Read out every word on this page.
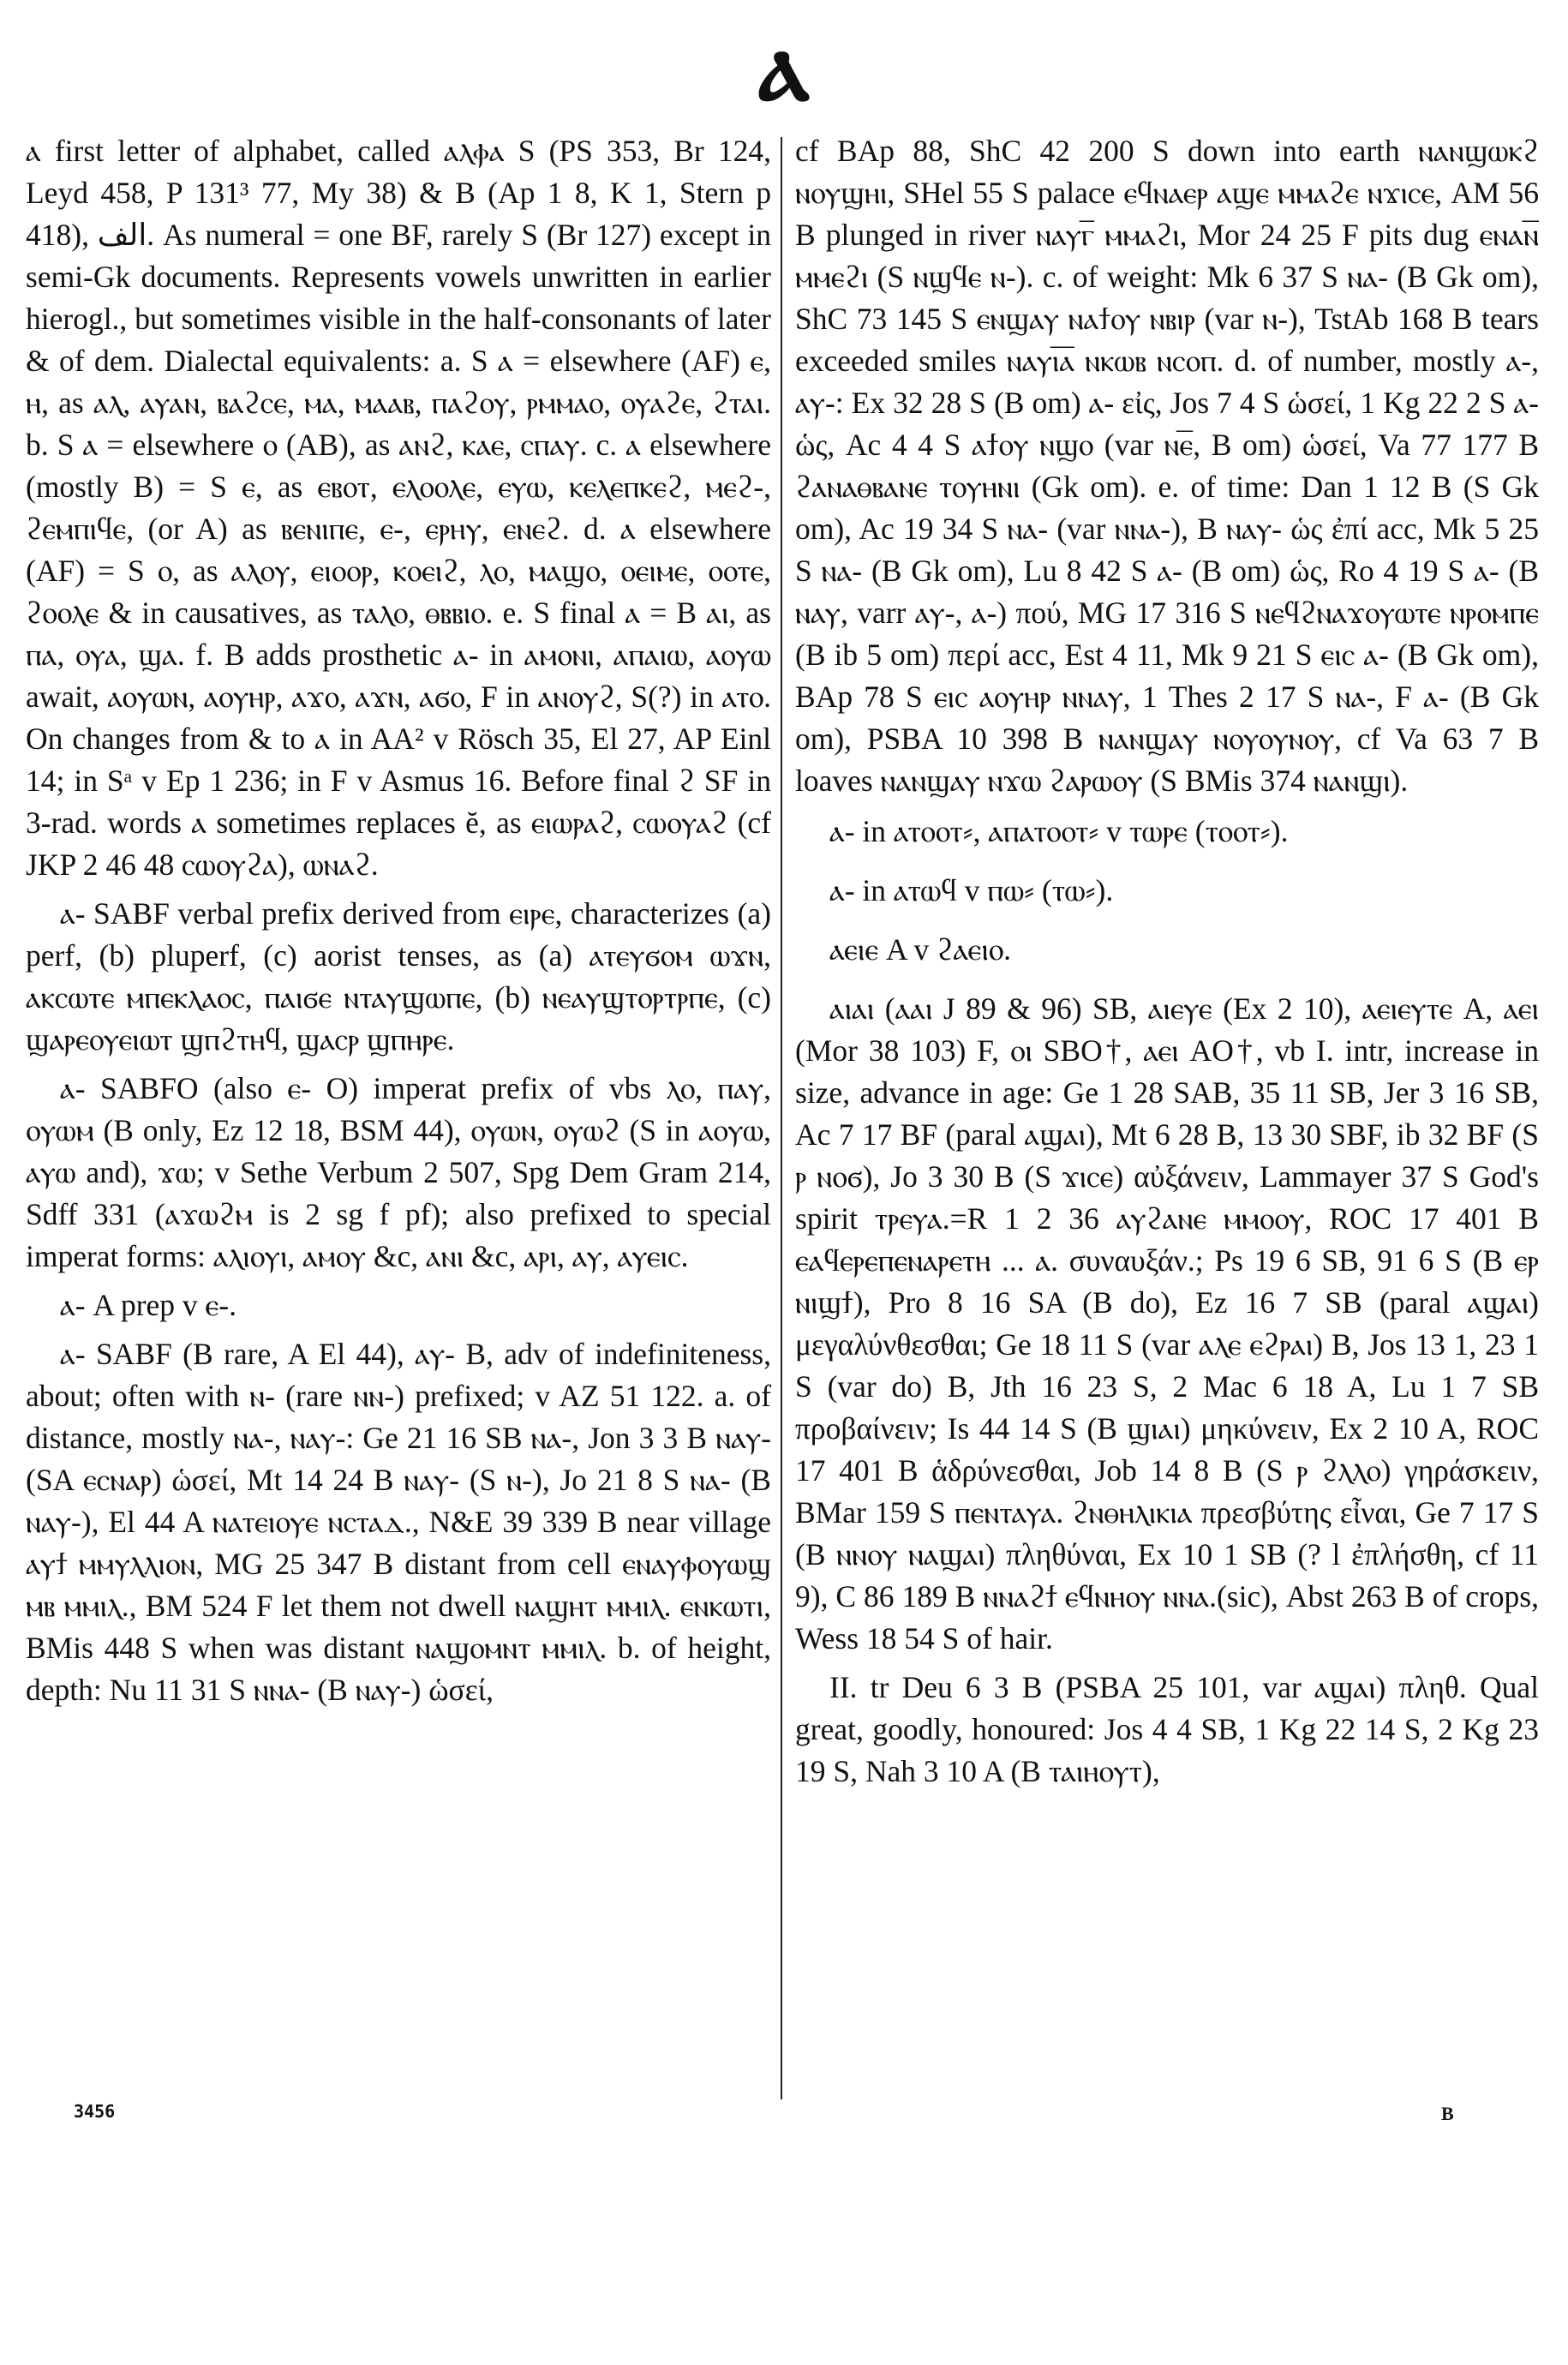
ⲁ

ⲁ first letter of alphabet, called ⲁⲗⲫⲁ S (PS 353, Br 124, Leyd 458, P 131³ 77, My 38) & B (Ap 1 8, K 1, Stern p 418), ﺍﻟﻒ. As numeral = one BF, rarely S (Br 127) except in semi-Gk documents. Represents vowels unwritten in earlier hierogl., but sometimes visible in the half-consonants of later & of dem. Dialectal equivalents: a. S ⲁ = elsewhere (AF) ⲉ, ⲏ, as ⲁⲗ, ⲁⲩⲁⲛ, ⲃⲁϩⲥⲉ, ⲙⲁ, ⲙⲁⲁⲃ, ⲡⲁϩⲟⲩ, ⲣⲙⲙⲁⲟ, ⲟⲩⲁϩⲉ, ϩⲧⲁⲓ. b. S ⲁ = elsewhere ⲟ (AB), as ⲁⲛϩ, ⲕⲁⲉ, ⲥⲡⲁⲩ. c. ⲁ elsewhere (mostly B) = S ⲉ, as ⲉⲃⲟⲧ, ⲉⲗⲟⲟⲗⲉ, ⲉⲩⲱ, ⲕⲉⲗⲉⲡⲕⲉϩ, ⲙⲉϩ-, ϩⲉⲙⲡⲓϥⲉ, (or A) as ⲃⲉⲛⲓⲡⲉ, ⲉ-, ⲉⲣⲏⲩ, ⲉⲛⲉϩ. d. ⲁ elsewhere (AF) = S ⲟ, as ⲁⲗⲟⲩ, ⲉⲓⲟⲟⲣ, ⲕⲟⲉⲓϩ, ⲗⲟ, ⲙⲁϣⲟ, ⲟⲉⲓⲙⲉ, ⲟⲟⲧⲉ, ϩⲟⲟⲗⲉ & in causatives, as ⲧⲁⲗⲟ, ⲑⲃⲃⲓⲟ. e. S final ⲁ = B ⲁⲓ, as ⲡⲁ, ⲟⲩⲁ, ϣⲁ. f. B adds prosthetic ⲁ- in ⲁⲙⲟⲛⲓ, ⲁⲡⲁⲓⲱ, ⲁⲟⲩⲱ await, ⲁⲟⲩⲱⲛ, ⲁⲟⲩⲏⲣ, ⲁϫⲟ, ⲁϫⲛ, ⲁϭⲟ, F in ⲁⲛⲟⲩϩ, S(?) in ⲁⲧⲟ. On changes from & to ⲁ in AA² v Rösch 35, El 27, AP Einl 14; in Sᵃ v Ep 1 236; in F v Asmus 16. Before final ϩ SF in 3-rad. words ⲁ sometimes replaces ĕ, as ⲉⲓⲱⲣⲁϩ, ⲥⲱⲟⲩⲁϩ (cf JKP 2 46 48 ⲥⲱⲟⲩϩⲁ), ⲱⲛⲁϩ.

ⲁ- SABF verbal prefix derived from ⲉⲓⲣⲉ, characterizes (a) perf, (b) pluperf, (c) aorist tenses, as (a) ⲁⲧⲉⲩϭⲟⲙ ⲱϫⲛ, ⲁⲕⲥⲱⲧⲉ ⲙⲡⲉⲕⲗⲁⲟⲥ, ⲡⲁⲓϭⲉ ⲛⲧⲁⲩϣⲱⲡⲉ, (b) ⲛⲉⲁⲩϣⲧⲟⲣⲧⲣⲡⲉ, (c) ϣⲁⲣⲉⲟⲩⲉⲓⲱⲧ ϣⲡϩⲧⲏϥ, ϣⲁⲥⲣ ϣⲡⲏⲣⲉ.

ⲁ- SABFO (also ⲉ- O) imperat prefix of vbs ⲗⲟ, ⲡⲁⲩ, ⲟⲩⲱⲙ (B only, Ez 12 18, BSM 44), ⲟⲩⲱⲛ, ⲟⲩⲱϩ (S in ⲁⲟⲩⲱ, ⲁⲩⲱ and), ϫⲱ; v Sethe Verbum 2 507, Spg Dem Gram 214, Sdff 331 (ⲁϫⲱϩⲙ is 2 sg f pf); also prefixed to special imperat forms: ⲁⲗⲓⲟⲩⲓ, ⲁⲙⲟⲩ &c, ⲁⲛⲓ &c, ⲁⲣⲓ, ⲁⲩ, ⲁⲩⲉⲓⲥ.

ⲁ- A prep v ⲉ-.

ⲁ- SABF (B rare, A El 44), ⲁⲩ- B, adv of indefiniteness, about; often with ⲛ- (rare ⲛⲛ-) prefixed; v AZ 51 122. a. of distance, mostly ⲛⲁ-, ⲛⲁⲩ-: Ge 21 16 SB ⲛⲁ-, Jon 3 3 B ⲛⲁⲩ- (SA ⲉⲥⲛⲁⲣ) ὡσεί, Mt 14 24 B ⲛⲁⲩ- (S ⲛ-), Jo 21 8 S ⲛⲁ- (B ⲛⲁⲩ-), El 44 A ⲛⲁⲧⲉⲓⲟⲩⲉ ⲛⲥⲧⲁⲇ., N&E 39 339 B near village ⲁⲩϯ ⲙⲙⲩⲗⲗⲓⲟⲛ, MG 25 347 B distant from cell ⲉⲛⲁⲩⲫⲟⲩⲱϣ ⲙⲃ ⲙⲙⲓⲗ., BM 524 F let them not dwell ⲛⲁϣⲏⲧ ⲙⲙⲓⲗ. ⲉⲛⲕⲱⲧⲓ, BMis 448 S when was distant ⲛⲁϣⲟⲙⲛⲧ ⲙⲙⲓⲗ. b. of height, depth: Nu 11 31 S ⲛⲛⲁ- (B ⲛⲁⲩ-) ὡσεί,

cf BAp 88, ShC 42 200 S down into earth ⲛⲁⲛϣⲱⲕϩ ⲛⲟⲩϣⲏⲓ, SHel 55 S palace ⲉϥⲛⲁⲉⲣ ⲁϣⲉ ⲙⲙⲁϩⲉ ⲛϫⲓⲥⲉ, AM 56 B plunged in river ⲛⲁⲩⲅ̅ ⲙⲙⲁϩⲓ, Mor 24 25 F pits dug ⲉⲛⲁⲛ̅ ⲙⲙⲉϩⲓ (S ⲛϣϥⲉ ⲛ-). c. of weight: Mk 6 37 S ⲛⲁ- (B Gk om), ShC 73 145 S ⲉⲛϣⲁⲩ ⲛⲁϯⲟⲩ ⲛⲃⲓⲣ (var ⲛ-), TstAb 168 B tears exceeded smiles ⲛⲁⲩⲓ̅ⲁ̅ ⲛⲕⲱⲃ ⲛⲥⲟⲡ. d. of number, mostly ⲁ-, ⲁⲩ-: Ex 32 28 S (B om) ⲁ- εἰς, Jos 7 4 S ὡσεί, 1 Kg 22 2 S ⲁ- ὡς, Ac 4 4 S ⲁϯⲟⲩ ⲛϣⲟ (var ⲛⲉ̅, B om) ὡσεί, Va 77 177 B ϩⲁⲛⲁⲑⲃⲁⲛⲉ ⲧⲟⲩⲏⲛⲓ (Gk om). e. of time: Dan 1 12 B (S Gk om), Ac 19 34 S ⲛⲁ- (var ⲛⲛⲁ-), B ⲛⲁⲩ- ὡς ἐπί acc, Mk 5 25 S ⲛⲁ- (B Gk om), Lu 8 42 S ⲁ- (B om) ὡς, Ro 4 19 S ⲁ- (B ⲛⲁⲩ, varr ⲁⲩ-, ⲁ-) πού, MG 17 316 S ⲛⲉϥϩⲛⲁϫⲟⲩⲱⲧⲉ ⲛⲣⲟⲙⲡⲉ (B ib 5 om) περί acc, Est 4 11, Mk 9 21 S ⲉⲓⲥ ⲁ- (B Gk om), BAp 78 S ⲉⲓⲥ ⲁⲟⲩⲏⲣ ⲛⲛⲁⲩ, 1 Thes 2 17 S ⲛⲁ-, F ⲁ- (B Gk om), PSBA 10 398 B ⲛⲁⲛϣⲁⲩ ⲛⲟⲩⲟⲩⲛⲟⲩ, cf Va 63 7 B loaves ⲛⲁⲛϣⲁⲩ ⲛϫⲱ ϩⲁⲣⲱⲟⲩ (S BMis 374 ⲛⲁⲛϣⲓ).

ⲁ- in ⲁⲧⲟⲟⲧ⸗, ⲁⲡⲁⲧⲟⲟⲧ⸗ v ⲧⲱⲣⲉ (ⲧⲟⲟⲧ⸗).

ⲁ- in ⲁⲧⲱϥ v ⲡⲱ⸗ (ⲧⲱ⸗).

ⲁⲉⲓⲉ A v ϩⲁⲉⲓⲟ.

ⲁⲓⲁⲓ (ⲁⲁⲓ J 89 & 96) SB, ⲁⲓⲉⲩⲉ (Ex 2 10), ⲁⲉⲓⲉⲩⲧⲉ A, ⲁⲉⲓ (Mor 38 103) F, ⲟⲓ SBO†, ⲁⲉⲓ AO†, vb I. intr, increase in size, advance in age: Ge 1 28 SAB, 35 11 SB, Jer 3 16 SB, Ac 7 17 BF (paral ⲁϣⲁⲓ), Mt 6 28 B, 13 30 SBF, ib 32 BF (S ⲣ ⲛⲟϭ), Jo 3 30 B (S ϫⲓⲥⲉ) αὐξάνειν, Lammayer 37 S God's spirit ⲧⲣⲉⲩⲁ.=R 1 2 36 ⲁⲩϩⲁⲛⲉ ⲙⲙⲟⲟⲩ, ROC 17 401 B ⲉⲁϥⲉⲣⲉⲡⲉⲛⲁⲣⲉⲧⲏ ... ⲁ. συναυξάν.; Ps 19 6 SB, 91 6 S (B ⲉⲣ ⲛⲓϣϯ), Pro 8 16 SA (B do), Ez 16 7 SB (paral ⲁϣⲁⲓ) μεγαλύνθεσθαι; Ge 18 11 S (var ⲁⲗⲉ ⲉϩⲣⲁⲓ) B, Jos 13 1, 23 1 S (var do) B, Jth 16 23 S, 2 Mac 6 18 A, Lu 1 7 SB προβαίνειν; Is 44 14 S (B ϣⲓⲁⲓ) μηκύνειν, Ex 2 10 A, ROC 17 401 B ἁδρύνεσθαι, Job 14 8 B (S ⲣ ϩⲗⲗⲟ) γηράσκειν, BMar 159 S ⲡⲉⲛⲧⲁⲩⲁ. ϩⲛⲑⲏⲗⲓⲕⲓⲁ πρεσβύτης εἶναι, Ge 7 17 S (B ⲛⲛⲟⲩ ⲛⲁϣⲁⲓ) πληθύναι, Ex 10 1 SB (? l ἐπλήσθη, cf 11 9), C 86 189 B ⲛⲛⲁϩϯ ⲉϥⲛⲏⲟⲩ ⲛⲛⲁ.(sic), Abst 263 B of crops, Wess 18 54 S of hair.

II. tr Deu 6 3 B (PSBA 25 101, var ⲁϣⲁⲓ) πληθ. Qual great, goodly, honoured: Jos 4 4 SB, 1 Kg 22 14 S, 2 Kg 23 19 S, Nah 3 10 A (B ⲧⲁⲓⲏⲟⲩⲧ),

3456	B
